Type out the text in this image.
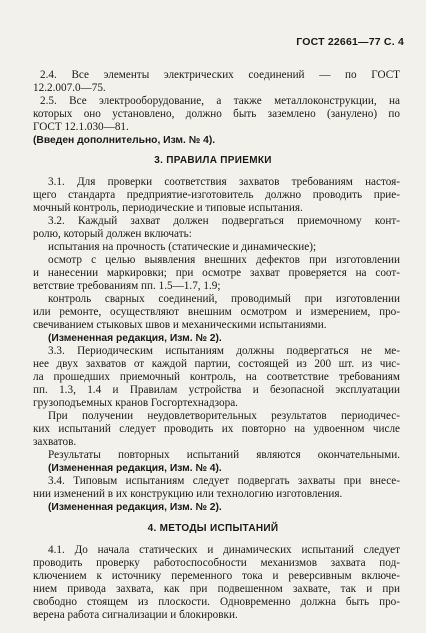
ГОСТ 22661—77 С. 4
2.4. Все элементы электрических соединений — по ГОСТ
12.2.007.0—75.
2.5. Все электрооборудование, а также металлоконструкции, на
которых оно установлено, должно быть заземлено (занулено) по
ГОСТ 12.1.030—81.
(Введен дополнительно, Изм. № 4).
3. ПРАВИЛА ПРИЕМКИ
3.1. Для проверки соответствия захватов требованиям настоя-
щего стандарта предприятие-изготовитель должно проводить прие-
мочный контроль, периодические и типовые испытания.
3.2. Каждый захват должен подвергаться приемочному конт-
ролю, который должен включать:
испытания на прочность (статические и динамические);
осмотр с целью выявления внешних дефектов при изготовлении
и нанесении маркировки; при осмотре захват проверяется на соот-
ветствие требованиям пп. 1.5—1.7, 1.9;
контроль сварных соединений, проводимый при изготовлении
или ремонте, осуществляют внешним осмотром и измерением, про-
свечиванием стыковых швов и механическими испытаниями.
(Измененная редакция, Изм. № 2).
3.3. Периодическим испытаниям должны подвергаться не ме-
нее двух захватов от каждой партии, состоящей из 200 шт. из чис-
ла прошедших приемочный контроль, на соответствие требованиям
пп. 1.3, 1.4 и Правилам устройства и безопасной эксплуатации
грузоподъемных кранов Госгортехнадзора.
При получении неудовлетворительных результатов периодичес-
ких испытаний следует проводить их повторно на удвоенном числе
захватов.
Результаты повторных испытаний являются окончательными.
(Измененная редакция, Изм. № 4).
3.4. Типовым испытаниям следует подвергать захваты при внесе-
нии изменений в их конструкцию или технологию изготовления.
(Измененная редакция, Изм. № 2).
4. МЕТОДЫ ИСПЫТАНИЙ
4.1. До начала статических и динамических испытаний следует
проводить проверку работоспособности механизмов захвата под-
ключением к источнику переменного тока и реверсивным включе-
нием привода захвата, как при подвешенном захвате, так и при
свободно стоящем из плоскости. Одновременно должна быть про-
верена работа сигнализации и блокировки.
